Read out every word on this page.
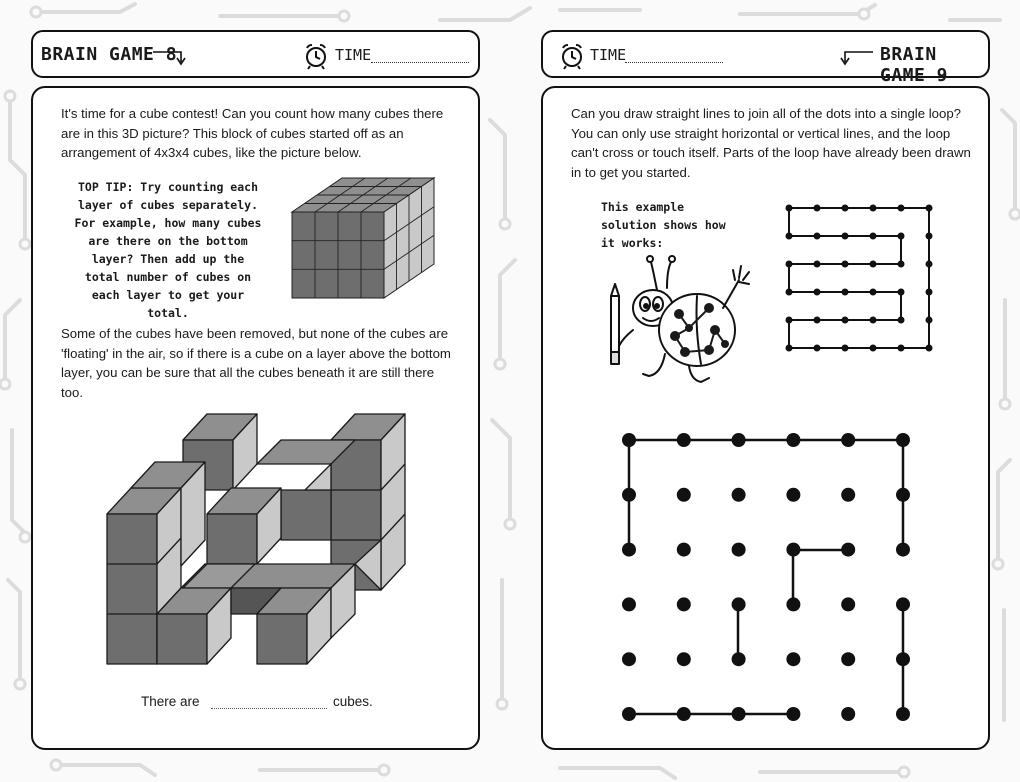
BRAIN GAME 8	TIME	TIME	BRAIN GAME 9

It's time for a cube contest! Can you count how many cubes there are in this 3D picture? This block of cubes started off as an arrangement of 4x3x4 cubes, like the picture below.

TOP TIP: Try counting each layer of cubes separately. For example, how many cubes are there on the bottom layer? Then add up the total number of cubes on each layer to get your total.

Some of the cubes have been removed, but none of the cubes are 'floating' in the air, so if there is a cube on a layer above the bottom layer, you can be sure that all the cubes beneath it are still there too.

There are	cubes.

Can you draw straight lines to join all of the dots into a single loop? You can only use straight horizontal or vertical lines, and the loop can't cross or touch itself. Parts of the loop have already been drawn in to get you started.

This example solution shows how it works:
